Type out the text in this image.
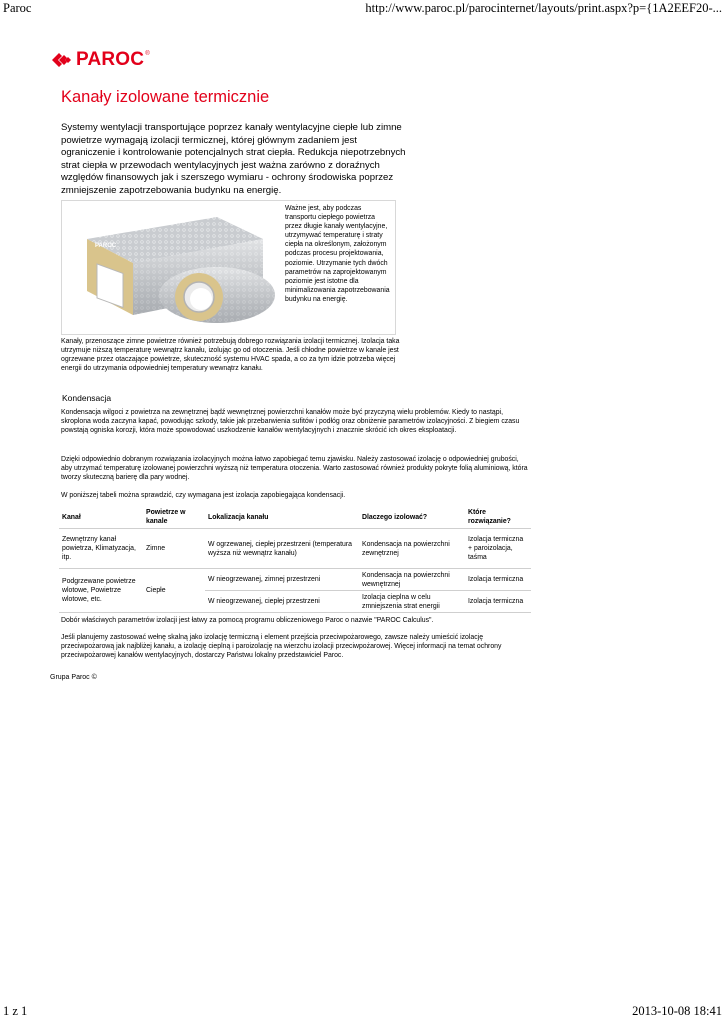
Paroc	http://www.paroc.pl/parocinternet/layouts/print.aspx?p={1A2EEF20-...
1 z 1	2013-10-08 18:41
PAROC ®
Kanały izolowane termicznie
Systemy wentylacji transportujące poprzez kanały wentylacyjne ciepłe lub zimne powietrze wymagają izolacji termicznej, której głównym zadaniem jest ograniczenie i kontrolowanie potencjalnych strat ciepła. Redukcja niepotrzebnych strat ciepła w przewodach wentylacyjnych jest ważna zarówno z doraźnych względów finansowych jak i szerszego wymiaru - ochrony środowiska poprzez zmniejszenie zapotrzebowania budynku na energię.
PAROC
Ważne jest, aby podczas transportu ciepłego powietrza przez długie kanały wentylacyjne, utrzymywać temperaturę i straty ciepła na określonym, założonym podczas procesu projektowania, poziomie. Utrzymanie tych dwóch parametrów na zaprojektowanym poziomie jest istotne dla minimalizowania zapotrzebowania budynku na energię.
Kanały, przenoszące zimne powietrze również potrzebują dobrego rozwiązania izolacji termicznej. Izolacja taka utrzymuje niższą temperaturę wewnątrz kanału, izolując go od otoczenia. Jeśli chłodne powietrze w kanale jest ogrzewane przez otaczające powietrze, skuteczność systemu HVAC spada, a co za tym idzie potrzeba więcej energii do utrzymania odpowiedniej temperatury wewnątrz kanału.
Kondensacja
Kondensacja wilgoci z powietrza na zewnętrznej bądź wewnętrznej powierzchni kanałów może być przyczyną wielu problemów. Kiedy to nastąpi, skroplona woda zaczyna kapać, powodując szkody, takie jak przebarwienia sufitów i podłóg oraz obniżenie parametrów izolacyjności. Z biegiem czasu powstają ogniska korozji, która może spowodować uszkodzenie kanałów wentylacyjnych i znacznie skrócić ich okres eksploatacji.
Dzięki odpowiednio dobranym rozwiązania izolacyjnych można łatwo zapobiegać temu zjawisku. Należy zastosować izolację o odpowiedniej grubości, aby utrzymać temperaturę izolowanej powierzchni wyższą niż temperatura otoczenia. Warto zastosować również produkty pokryte folią aluminiową, która tworzy skuteczną barierę dla pary wodnej.
W poniższej tabeli można sprawdzić, czy wymagana jest izolacja zapobiegająca kondensacji.
Kanał	Powietrze w kanale	Lokalizacja kanału	Dlaczego izolować?	Które rozwiązanie?
Zewnętrzny kanał powietrza, Klimatyzacja, itp.	Zimne	W ogrzewanej, ciepłej przestrzeni (temperatura wyższa niż wewnątrz kanału)	Kondensacja na powierzchni zewnętrznej	Izolacja termiczna + paroizolacja, taśma
Podgrzewane powietrze wlotowe, Powietrze wlotowe, etc.	Ciepłe	W nieogrzewanej, zimnej przestrzeni	Kondensacja na powierzchni wewnętrznej	Izolacja termiczna
		W nieogrzewanej, ciepłej przestrzeni	Izolacja cieplna w celu zmniejszenia strat energii	Izolacja termiczna
Dobór właściwych parametrów izolacji jest łatwy za pomocą programu obliczeniowego Paroc o nazwie "PAROC Calculus".
Jeśli planujemy zastosować wełnę skalną jako izolację termiczną i element przejścia przeciwpożarowego, zawsze należy umieścić izolację przeciwpożarową jak najbliżej kanału, a izolację cieplną i paroizolację na wierzchu izolacji przeciwpożarowej. Więcej informacji na temat ochrony przeciwpożarowej kanałów wentylacyjnych, dostarczy Państwu lokalny przedstawiciel Paroc.
Grupa Paroc ©
